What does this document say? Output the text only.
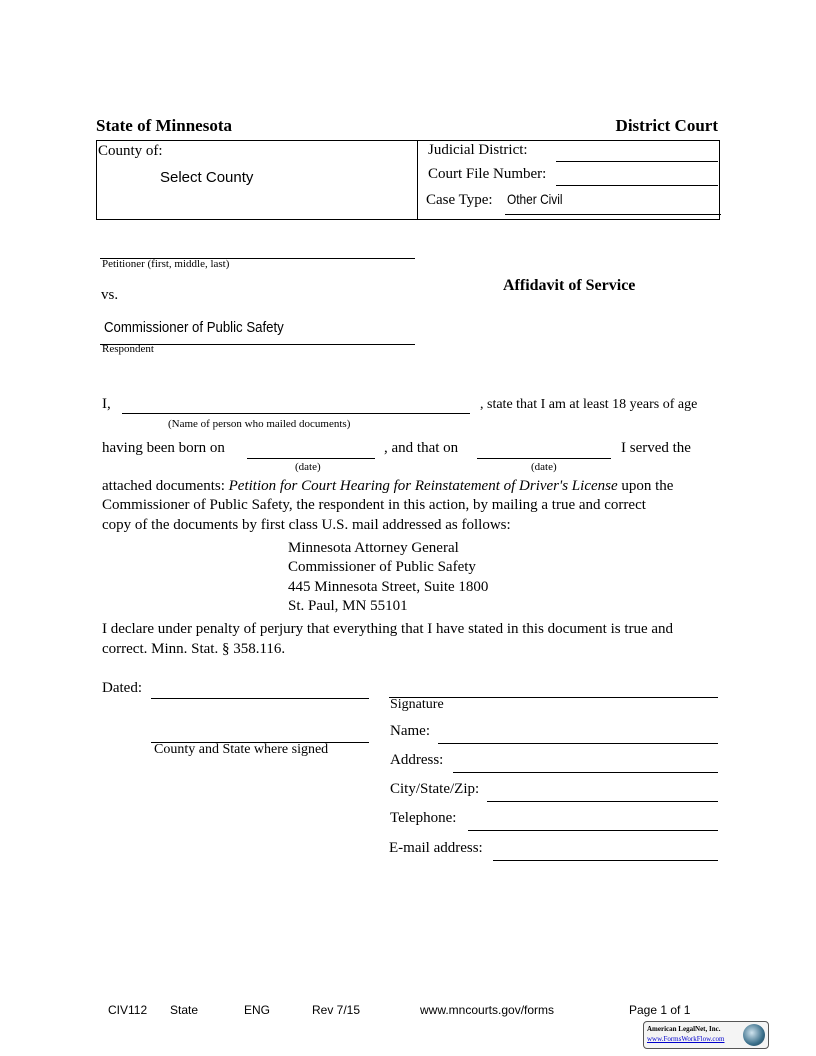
State of Minnesota	District Court
County of:
Select County
Judicial District:
Court File Number:
Case Type: Other Civil
Petitioner (first, middle, last)
vs.
Commissioner of Public Safety
Respondent
Affidavit of Service
I,
(Name of person who mailed documents)
, state that I am at least 18 years of age
having been born on
(date)
, and that on
(date)
I served the
attached documents: Petition for Court Hearing for Reinstatement of Driver's License upon the
Commissioner of Public Safety, the respondent in this action, by mailing a true and correct
copy of the documents by first class U.S. mail addressed as follows:
Minnesota Attorney General
Commissioner of Public Safety
445 Minnesota Street, Suite 1800
St. Paul, MN 55101
I declare under penalty of perjury that everything that I have stated in this document is true and
correct. Minn. Stat. § 358.116.
Dated:
County and State where signed
Signature
Name:
Address:
City/State/Zip:
Telephone:
E-mail address:
CIV112 State	ENG	Rev 7/15	www.mncourts.gov/forms	Page 1 of 1
American LegalNet, Inc.
www.FormsWorkFlow.com
